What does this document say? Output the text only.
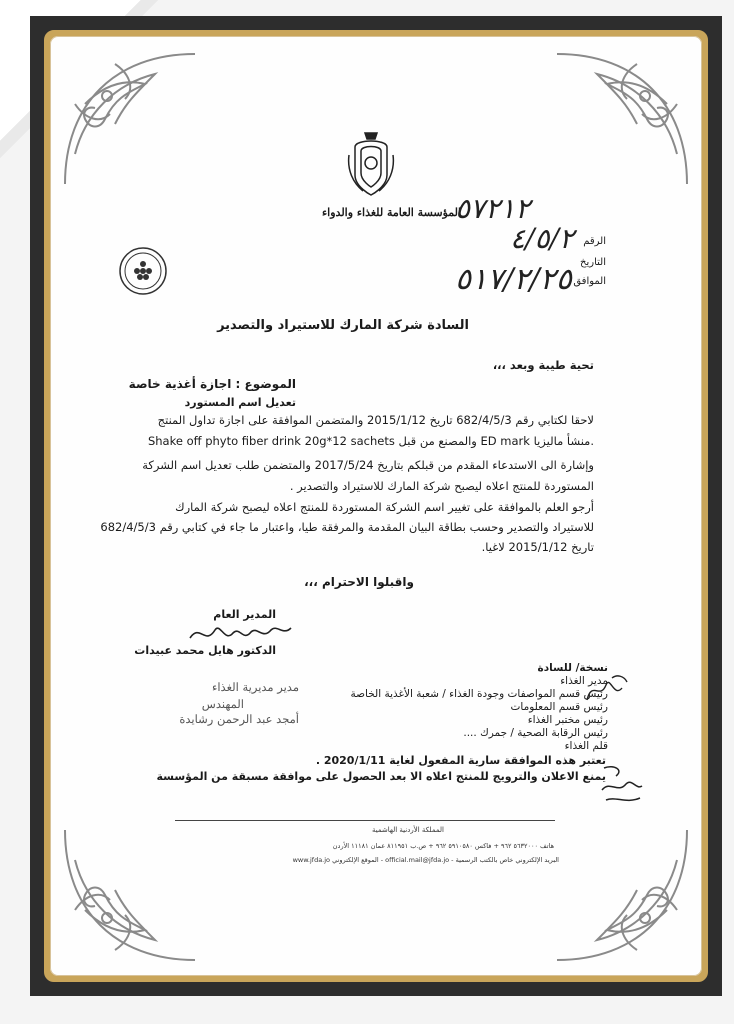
المؤسسة العامة للغذاء والدواء
الرقم
التاريخ
الموافق
٥٧٢١٢
٤/٥/٢
٥١٧/٢/٢٥
السادة شركة المارك للاستيراد والتصدير
تحية طيبة وبعد ،،،
الموضوع : اجازة أغذية خاصة
تعديل اسم المستورد
لاحقا لكتابي رقم 682/4/5/3 تاريخ 2015/1/12 والمتضمن الموافقة على اجازة تداول المنتج
Shake off phyto fiber drink 20g*12 sachets والمصنع من قبل ED mark منشأ ماليزيا.
وإشارة الى الاستدعاء المقدم من قبلكم بتاريخ 2017/5/24 والمتضمن طلب تعديل اسم الشركة
المستوردة للمنتج اعلاه ليصبح شركة المارك للاستيراد والتصدير .
أرجو العلم بالموافقة على تغيير اسم الشركة المستوردة للمنتج اعلاه ليصبح شركة المارك
للاستيراد والتصدير وحسب بطاقة البيان المقدمة والمرفقة طيا، واعتبار ما جاء في كتابي رقم 682/4/5/3
تاريخ 2015/1/12 لاغيا.
واقبلوا الاحترام ،،،
المدير العام
الدكتور هايل محمد عبيدات
مدير مديرية الغذاء
المهندس
أمجد عبد الرحمن رشايدة
نسخة/ للسادة
مدير الغذاء
رئيس قسم المواصفات وجودة الغذاء / شعبة الأغذية الخاصة
رئيس قسم المعلومات
رئيس مختبر الغذاء
رئيس الرقابة الصحية / جمرك ....
قلم الغذاء
تعتبر هذه الموافقة سارية المفعول لغاية 2020/1/11 .
يمنع الاعلان والترويج للمنتج اعلاه الا بعد الحصول على موافقة مسبقة من المؤسسة
المملكة الأردنية الهاشمية
هاتف ٥٦٣٢٠٠٠ ٩٦٢ + فاكس ٥٩١٠٥٨٠ ٩٦٢ + ص.ب ٨١١٩٥١ عمان ١١١٨١ الأردن
البريد الإلكتروني خاص بالكتب الرسمية - official.mail@jfda.jo - الموقع الإلكتروني www.jfda.jo
